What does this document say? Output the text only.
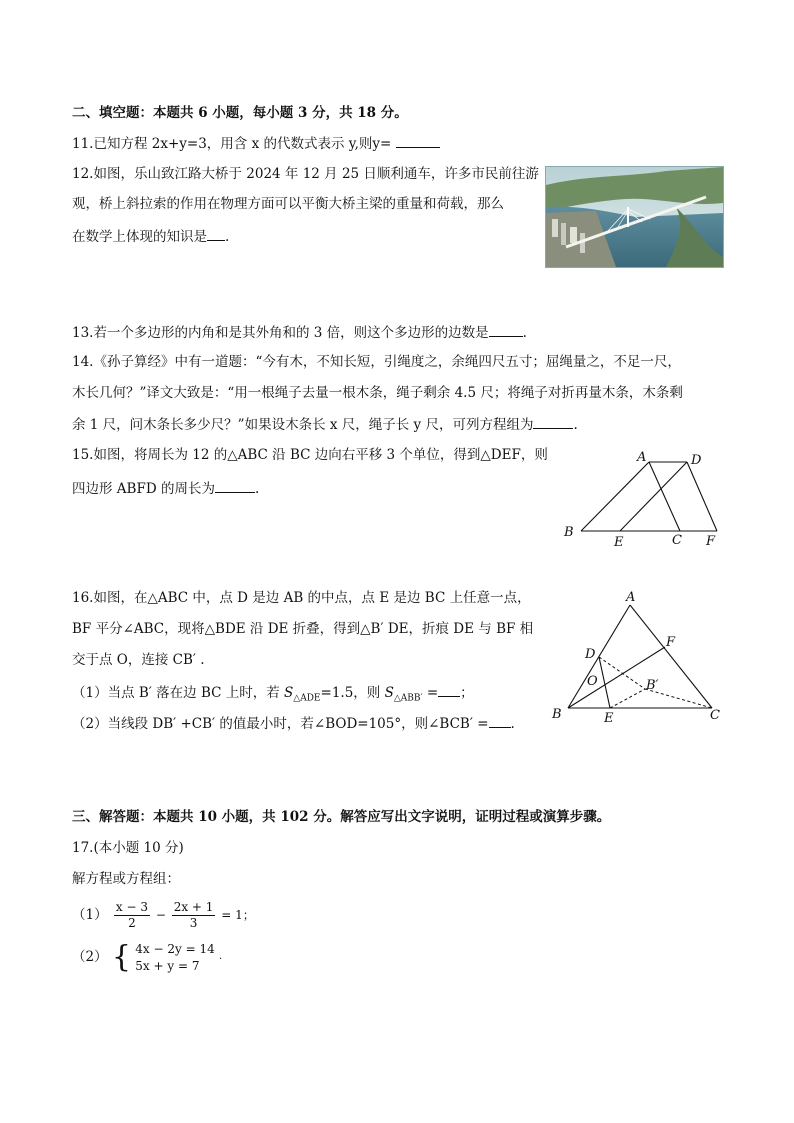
二、填空题：本题共 6 小题，每小题 3 分，共 18 分。
11.已知方程 2x+y=3，用含 x 的代数式表示 y,则y=
12.如图，乐山致江路大桥于 2024 年 12 月 25 日顺利通车，许多市民前往游
观，桥上斜拉索的作用在物理方面可以平衡大桥主梁的重量和荷载，那么
在数学上体现的知识是 .
13.若一个多边形的内角和是其外角和的 3 倍，则这个多边形的边数是	.
14.《孙子算经》中有一道题：“今有木，不知长短，引绳度之，余绳四尺五寸；屈绳量之，不足一尺，
木长几何？”译文大致是：“用一根绳子去量一根木条，绳子剩余 4.5 尺；将绳子对折再量木条，木条剩
余 1 尺，问木条长多少尺？”如果设木条长 x 尺，绳子长 y 尺，可列方程组为	.
15.如图，将周长为 12 的△ABC 沿 BC 边向右平移 3 个单位，得到△DEF，则
四边形 ABFD 的周长为	.
A	D
B
E	C F
16.如图，在△ABC 中，点 D 是边 AB 的中点，点 E 是边 BC 上任意一点，
BF 平分∠ABC，现将△BDE 沿 DE 折叠，得到△B′ DE，折痕 DE 与 BF 相
交于点 O，连接 CB′ .
（1）当点 B′ 落在边 BC 上时，若 $S_{\triangle ADE}=1.5$，则 $S_{\triangle ABB'}$ = ；
（2）当线段 DB′ +CB′ 的值最小时，若∠BOD=105°，则∠BCB′ = .
A
F
D
O	B′
B	E	C
三、解答题：本题共 10 小题，共 102 分。解答应写出文字说明，证明过程或演算步骤。
17.(本小题 10 分)
解方程或方程组：
$(1) \frac{x - 3}{2} - \frac{2x + 1}{3} = 1$；
（2） { 4x − 2y = 14
5x + y = 7
.
